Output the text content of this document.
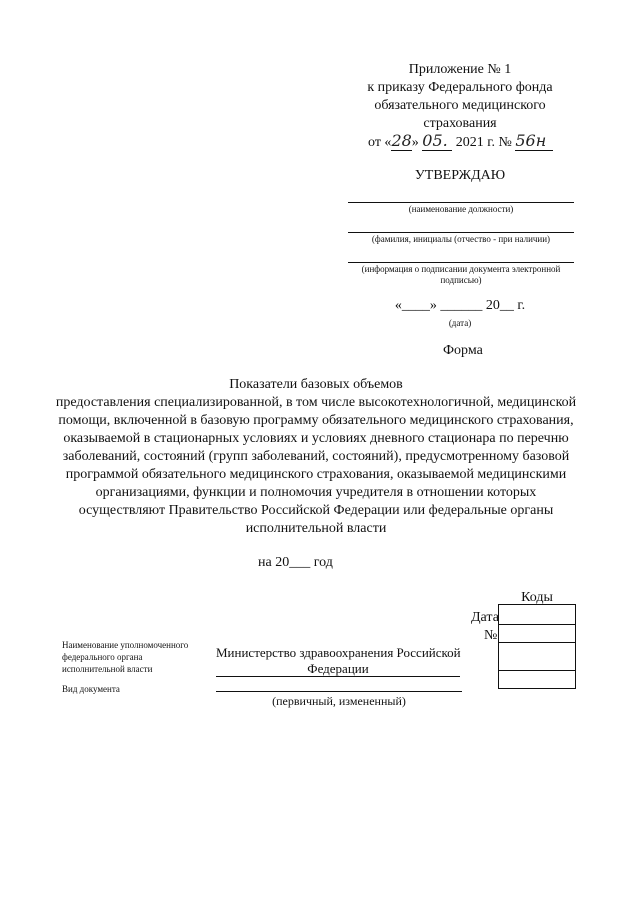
Приложение № 1
к приказу Федерального фонда
обязательного медицинского
страхования
от «28» 05. 2021 г. № 56н
УТВЕРЖДАЮ
(наименование должности)
(фамилия, инициалы (отчество - при наличии)
(информация о подписании документа электронной
подписью)
«____» ______ 20__ г.
(дата)
Форма
Показатели базовых объемов
предоставления специализированной, в том числе высокотехнологичной, медицинской
помощи, включенной в базовую программу обязательного медицинского страхования,
оказываемой в стационарных условиях и условиях дневного стационара по перечню
заболеваний, состояний (групп заболеваний, состояний), предусмотренному базовой
программой обязательного медицинского страхования, оказываемой медицинскими
организациями, функции и полномочия учредителя в отношении которых
осуществляют Правительство Российской Федерации или федеральные органы
исполнительной власти
на 20___ год
Коды
Дата
№
Наименование уполномоченного
федерального органа
исполнительной власти
Министерство здравоохранения Российской
Федерации
Вид документа
(первичный, измененный)
